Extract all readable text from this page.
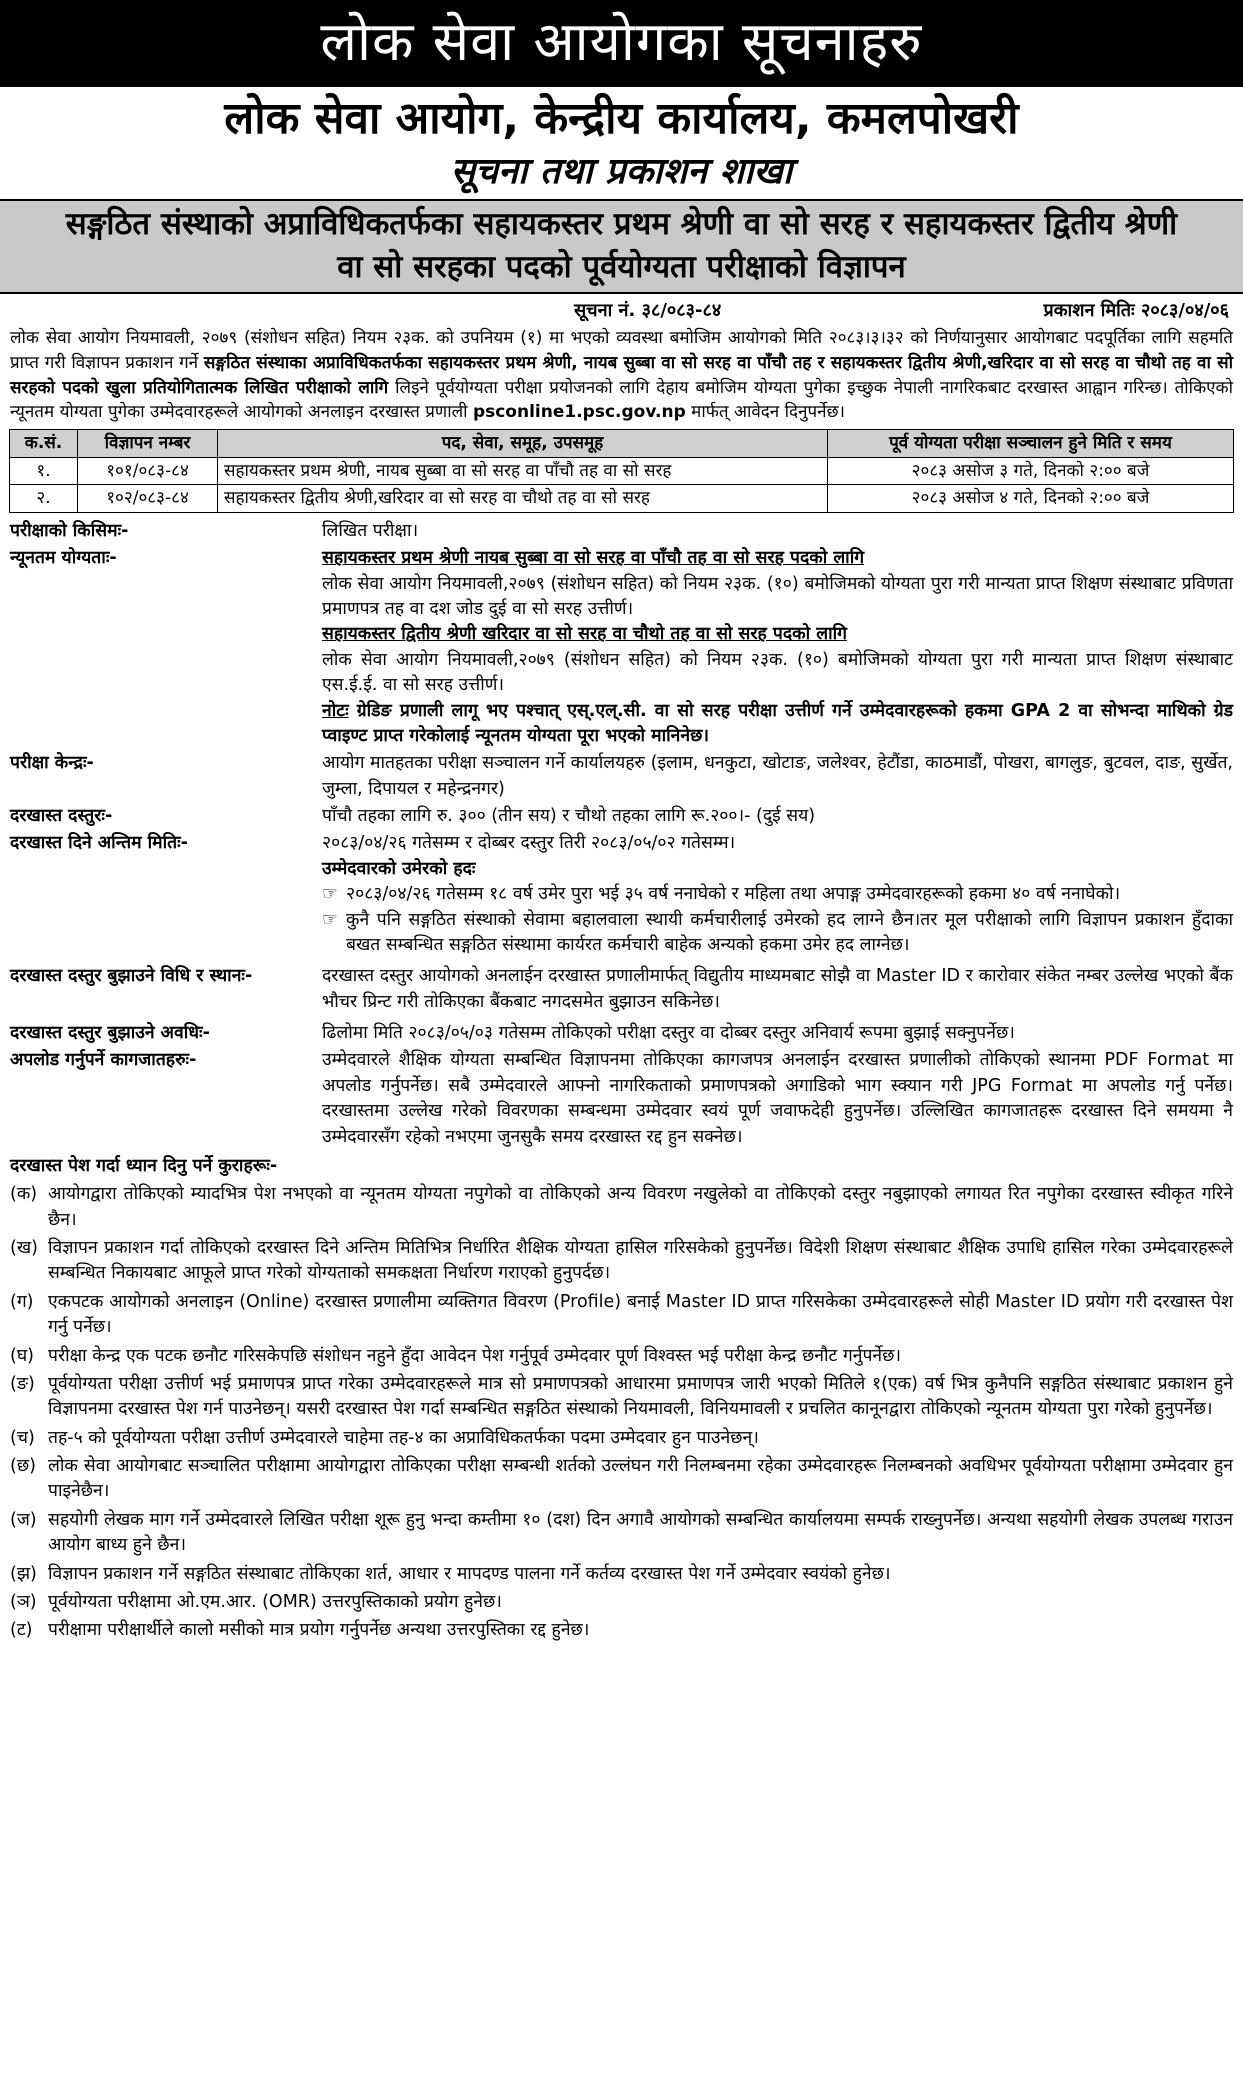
लोक सेवा आयोगका सूचनाहरु
लोक सेवा आयोग, केन्द्रीय कार्यालय, कमलपोखरी
सूचना तथा प्रकाशन शाखा
सङ्गठित संस्थाको अप्राविधिकतर्फका सहायकस्तर प्रथम श्रेणी वा सो सरह र सहायकस्तर द्वितीय श्रेणी
वा सो सरहका पदको पूर्वयोग्यता परीक्षाको विज्ञापन
सूचना नं. ३८/०८३-८४	प्रकाशन मितिः २०८३/०४/०६
लोक सेवा आयोग नियमावली, २०७९ (संशोधन सहित) नियम २३क. को उपनियम (१) मा भएको व्यवस्था बमोजिम आयोगको मिति २०८३।३।३२ को निर्णयानुसार आयोगबाट पदपूर्तिका लागि सहमति प्राप्त गरी विज्ञापन प्रकाशन गर्ने सङ्गठित संस्थाका अप्राविधिकतर्फका सहायकस्तर प्रथम श्रेणी, नायब सुब्बा वा सो सरह वा पाँचौ तह र सहायकस्तर द्वितीय श्रेणी,खरिदार वा सो सरह वा चौथो तह वा सो सरहको पदको खुला प्रतियोगितात्मक लिखित परीक्षाको लागि लिइने पूर्वयोग्यता परीक्षा प्रयोजनको लागि देहाय बमोजिम योग्यता पुगेका इच्छुक नेपाली नागरिकबाट दरखास्त आह्वान गरिन्छ। तोकिएको न्यूनतम योग्यता पुगेका उम्मेदवारहरूले आयोगको अनलाइन दरखास्त प्रणाली psconline1.psc.gov.np मार्फत् आवेदन दिनुपर्नेछ।
क.सं.	विज्ञापन नम्बर	पद, सेवा, समूह, उपसमूह	पूर्व योग्यता परीक्षा सञ्चालन हुने मिति र समय
१.	१०१/०८३-८४	सहायकस्तर प्रथम श्रेणी, नायब सुब्बा वा सो सरह वा पाँचौ तह वा सो सरह	२०८३ असोज ३ गते, दिनको २:०० बजे
२.	१०२/०८३-८४	सहायकस्तर द्वितीय श्रेणी,खरिदार वा सो सरह वा चौथो तह वा सो सरह	२०८३ असोज ४ गते, दिनको २:०० बजे
परीक्षाको किसिमः-	लिखित परीक्षा।
न्यूनतम योग्यताः-	सहायकस्तर प्रथम श्रेणी नायब सुब्बा वा सो सरह वा पाँचौ तह वा सो सरह पदको लागि
लोक सेवा आयोग नियमावली,२०७९ (संशोधन सहित) को नियम २३क. (१०) बमोजिमको योग्यता पुरा गरी मान्यता प्राप्त शिक्षण संस्थाबाट प्रविणता प्रमाणपत्र तह वा दश जोड दुई वा सो सरह उत्तीर्ण।
सहायकस्तर द्वितीय श्रेणी खरिदार वा सो सरह वा चौथो तह वा सो सरह पदको लागि
लोक सेवा आयोग नियमावली,२०७९ (संशोधन सहित) को नियम २३क. (१०) बमोजिमको योग्यता पुरा गरी मान्यता प्राप्त शिक्षण संस्थाबाट एस.ई.ई. वा सो सरह उत्तीर्ण।
नोटः ग्रेडिङ प्रणाली लागू भए पश्चात् एस्.एल्.सी. वा सो सरह परीक्षा उत्तीर्ण गर्ने उम्मेदवारहरूको हकमा GPA 2 वा सोभन्दा माथिको ग्रेड प्वाइण्ट प्राप्त गरेकोलाई न्यूनतम योग्यता पूरा भएको मानिनेछ।
परीक्षा केन्द्रः-	आयोग मातहतका परीक्षा सञ्चालन गर्ने कार्यालयहरु (इलाम, धनकुटा, खोटाङ, जलेश्वर, हेटौंडा, काठमाडौं, पोखरा, बागलुङ, बुटवल, दाङ, सुर्खेत, जुम्ला, दिपायल र महेन्द्रनगर)
दरखास्त दस्तुरः-	पाँचौ तहका लागि रु. ३०० (तीन सय) र चौथो तहका लागि रू.२००।- (दुई सय)
दरखास्त दिने अन्तिम मितिः-	२०८३/०४/२६ गतेसम्म र दोब्बर दस्तुर तिरी २०८३/०५/०२ गतेसम्म।
उम्मेदवारको उमेरको हदः
☞ २०८३/०४/२६ गतेसम्म १८ वर्ष उमेर पुरा भई ३५ वर्ष ननाघेको र महिला तथा अपाङ्ग उम्मेदवारहरूको हकमा ४० वर्ष ननाघेको।
☞ कुनै पनि सङ्गठित संस्थाको सेवामा बहालवाला स्थायी कर्मचारीलाई उमेरको हद लाग्ने छैन।तर मूल परीक्षाको लागि विज्ञापन प्रकाशन हुँदाका बखत सम्बन्धित सङ्गठित संस्थामा कार्यरत कर्मचारी बाहेक अन्यको हकमा उमेर हद लाग्नेछ।
दरखास्त दस्तुर बुझाउने विधि र स्थानः-	दरखास्त दस्तुर आयोगको अनलाईन दरखास्त प्रणालीमार्फत् विद्युतीय माध्यमबाट सोझै वा Master ID र कारोवार संकेत नम्बर उल्लेख भएको बैंक भौचर प्रिन्ट गरी तोकिएका बैंकबाट नगदसमेत बुझाउन सकिनेछ।
दरखास्त दस्तुर बुझाउने अवधिः-	ढिलोमा मिति २०८३/०५/०३ गतेसम्म तोकिएको परीक्षा दस्तुर वा दोब्बर दस्तुर अनिवार्य रूपमा बुझाई सक्नुपर्नेछ।
अपलोड गर्नुपर्ने कागजातहरुः-	उम्मेदवारले शैक्षिक योग्यता सम्बन्धित विज्ञापनमा तोकिएका कागजपत्र अनलाईन दरखास्त प्रणालीको तोकिएको स्थानमा PDF Format मा अपलोड गर्नुपर्नेछ। सबै उम्मेदवारले आफ्नो नागरिकताको प्रमाणपत्रको अगाडिको भाग स्क्यान गरी JPG Format मा अपलोड गर्नु पर्नेछ। दरखास्तमा उल्लेख गरेको विवरणका सम्बन्धमा उम्मेदवार स्वयं पूर्ण जवाफदेही हुनुपर्नेछ। उल्लिखित कागजातहरू दरखास्त दिने समयमा नै उम्मेदवारसँग रहेको नभएमा जुनसुकै समय दरखास्त रद्द हुन सक्नेछ।
दरखास्त पेश गर्दा ध्यान दिनु पर्ने कुराहरूः-
(क) आयोगद्वारा तोकिएको म्यादभित्र पेश नभएको वा न्यूनतम योग्यता नपुगेको वा तोकिएको अन्य विवरण नखुलेको वा तोकिएको दस्तुर नबुझाएको लगायत रित नपुगेका दरखास्त स्वीकृत गरिने छैन।
(ख) विज्ञापन प्रकाशन गर्दा तोकिएको दरखास्त दिने अन्तिम मितिभित्र निर्धारित शैक्षिक योग्यता हासिल गरिसकेको हुनुपर्नेछ। विदेशी शिक्षण संस्थाबाट शैक्षिक उपाधि हासिल गरेका उम्मेदवारहरूले सम्बन्धित निकायबाट आफूले प्राप्त गरेको योग्यताको समकक्षता निर्धारण गराएको हुनुपर्दछ।
(ग) एकपटक आयोगको अनलाइन (Online) दरखास्त प्रणालीमा व्यक्तिगत विवरण (Profile) बनाई Master ID प्राप्त गरिसकेका उम्मेदवारहरूले सोही Master ID प्रयोग गरी दरखास्त पेश गर्नु पर्नेछ।
(घ) परीक्षा केन्द्र एक पटक छनौट गरिसकेपछि संशोधन नहुने हुँदा आवेदन पेश गर्नुपूर्व उम्मेदवार पूर्ण विश्वस्त भई परीक्षा केन्द्र छनौट गर्नुपर्नेछ।
(ङ) पूर्वयोग्यता परीक्षा उत्तीर्ण भई प्रमाणपत्र प्राप्त गरेका उम्मेदवारहरूले मात्र सो प्रमाणपत्रको आधारमा प्रमाणपत्र जारी भएको मितिले १(एक) वर्ष भित्र कुनैपनि सङ्गठित संस्थाबाट प्रकाशन हुने विज्ञापनमा दरखास्त पेश गर्न पाउनेछन्। यसरी दरखास्त पेश गर्दा सम्बन्धित सङ्गठित संस्थाको नियमावली, विनियमावली र प्रचलित कानूनद्वारा तोकिएको न्यूनतम योग्यता पुरा गरेको हुनुपर्नेछ।
(च) तह-५ को पूर्वयोग्यता परीक्षा उत्तीर्ण उम्मेदवारले चाहेमा तह-४ का अप्राविधिकतर्फका पदमा उम्मेदवार हुन पाउनेछन्।
(छ) लोक सेवा आयोगबाट सञ्चालित परीक्षामा आयोगद्वारा तोकिएका परीक्षा सम्बन्धी शर्तको उल्लंघन गरी निलम्बनमा रहेका उम्मेदवारहरू निलम्बनको अवधिभर पूर्वयोग्यता परीक्षामा उम्मेदवार हुन पाइनेछैन।
(ज) सहयोगी लेखक माग गर्ने उम्मेदवारले लिखित परीक्षा शूरू हुनु भन्दा कम्तीमा १० (दश) दिन अगावै आयोगको सम्बन्धित कार्यालयमा सम्पर्क राख्नुपर्नेछ। अन्यथा सहयोगी लेखक उपलब्ध गराउन आयोग बाध्य हुने छैन।
(झ) विज्ञापन प्रकाशन गर्ने सङ्गठित संस्थाबाट तोकिएका शर्त, आधार र मापदण्ड पालना गर्ने कर्तव्य दरखास्त पेश गर्ने उम्मेदवार स्वयंको हुनेछ।
(ञ) पूर्वयोग्यता परीक्षामा ओ.एम.आर. (OMR) उत्तरपुस्तिकाको प्रयोग हुनेछ।
(ट) परीक्षामा परीक्षार्थीले कालो मसीको मात्र प्रयोग गर्नुपर्नेछ अन्यथा उत्तरपुस्तिका रद्द हुनेछ।
